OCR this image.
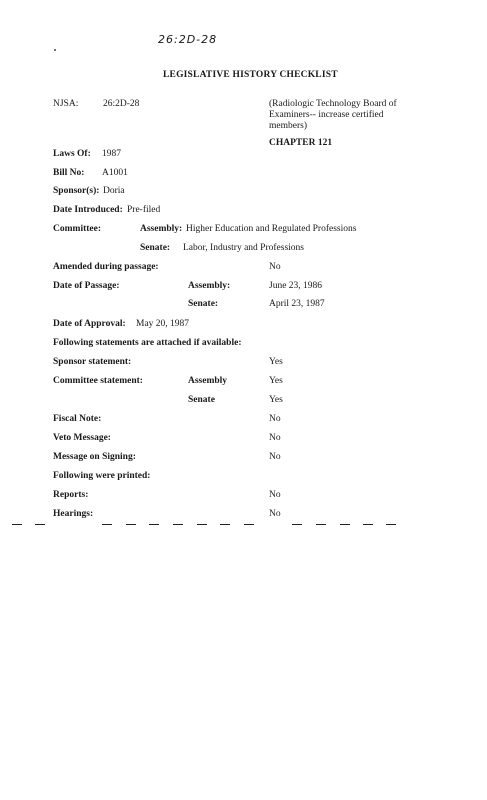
26:2D-28
LEGISLATIVE HISTORY CHECKLIST
NJSA:	26:2D-28	(Radiologic Technology Board of
Examiners-- increase certified
members)
CHAPTER 121
Laws Of: 1987
Bill No: A1001
Sponsor(s): Doria
Date Introduced: Pre-filed
Committee:	Assembly: Higher Education and Regulated Professions
Senate: Labor, Industry and Professions
Amended during passage:	No
Date of Passage:	Assembly:	June 23, 1986
Senate:	April 23, 1987
Date of Approval: May 20, 1987
Following statements are attached if available:
Sponsor statement:	Yes
Committee statement:	Assembly	Yes
Senate	Yes
Fiscal Note:	No
Veto Message:	No
Message on Signing:	No
Following were printed:
Reports:	No
Hearings:	No
